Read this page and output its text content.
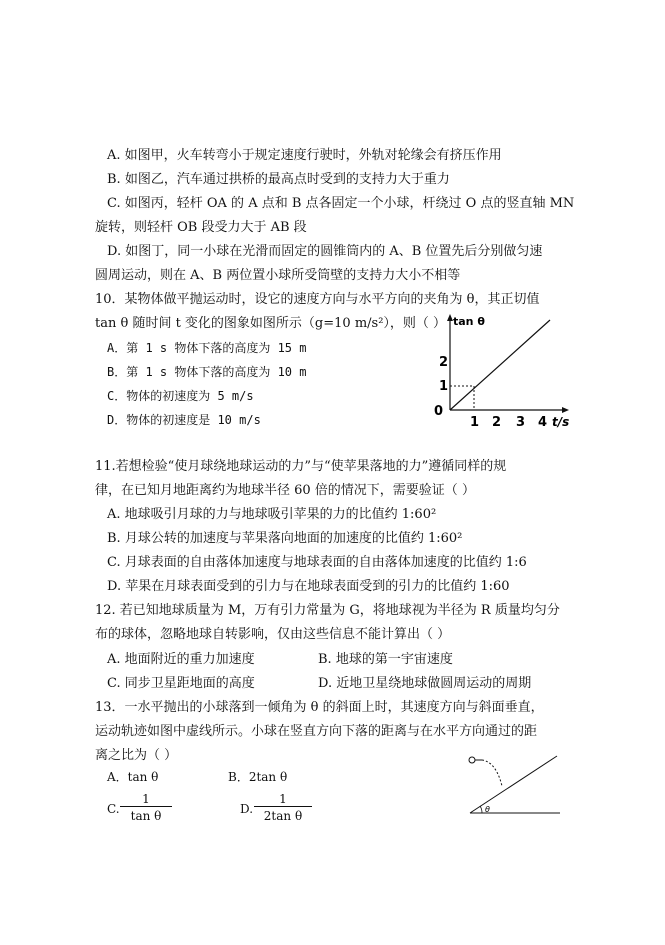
A. 如图甲，火车转弯小于规定速度行驶时，外轨对轮缘会有挤压作用
B. 如图乙，汽车通过拱桥的最高点时受到的支持力大于重力
C. 如图丙，轻杆 OA 的 A 点和 B 点各固定一个小球，杆绕过 O 点的竖直轴 MN
旋转，则轻杆 OB 段受力大于 AB 段
D. 如图丁，同一小球在光滑而固定的圆锥筒内的 A、B 位置先后分别做匀速
圆周运动，则在 A、B 两位置小球所受筒壁的支持力大小不相等
10．某物体做平抛运动时，设它的速度方向与水平方向的夹角为 θ，其正切值
tan θ 随时间 t 变化的图象如图所示（g=10 m/s²），则（ ）
A．第 1 s 物体下落的高度为 15 m
B．第 1 s 物体下落的高度为 10 m
C．物体的初速度为 5 m/s
D．物体的初速度是 10 m/s
tan θ
t/s
0
1
2
1 2 3 4
11.若想检验“使月球绕地球运动的力”与“使苹果落地的力”遵循同样的规
律，在已知月地距离约为地球半径 60 倍的情况下，需要验证（ ）
A. 地球吸引月球的力与地球吸引苹果的力的比值约 1:60²
B. 月球公转的加速度与苹果落向地面的加速度的比值约 1:60²
C. 月球表面的自由落体加速度与地球表面的自由落体加速度的比值约 1:6
D. 苹果在月球表面受到的引力与在地球表面受到的引力的比值约 1:60
12. 若已知地球质量为 M，万有引力常量为 G，将地球视为半径为 R 质量均匀分
布的球体，忽略地球自转影响，仅由这些信息不能计算出（ ）
A. 地面附近的重力加速度	B. 地球的第一宇宙速度
C. 同步卫星距地面的高度	D. 近地卫星绕地球做圆周运动的周期
13．一水平抛出的小球落到一倾角为 θ 的斜面上时，其速度方向与斜面垂直，
运动轨迹如图中虚线所示。小球在竖直方向下落的距离与在水平方向通过的距
离之比为（ ）
A．tan θ	B．2tan θ
C. $\frac{1}{\text{tan θ}}$	D. $\frac{1}{\text{2tan θ}}$	θ
